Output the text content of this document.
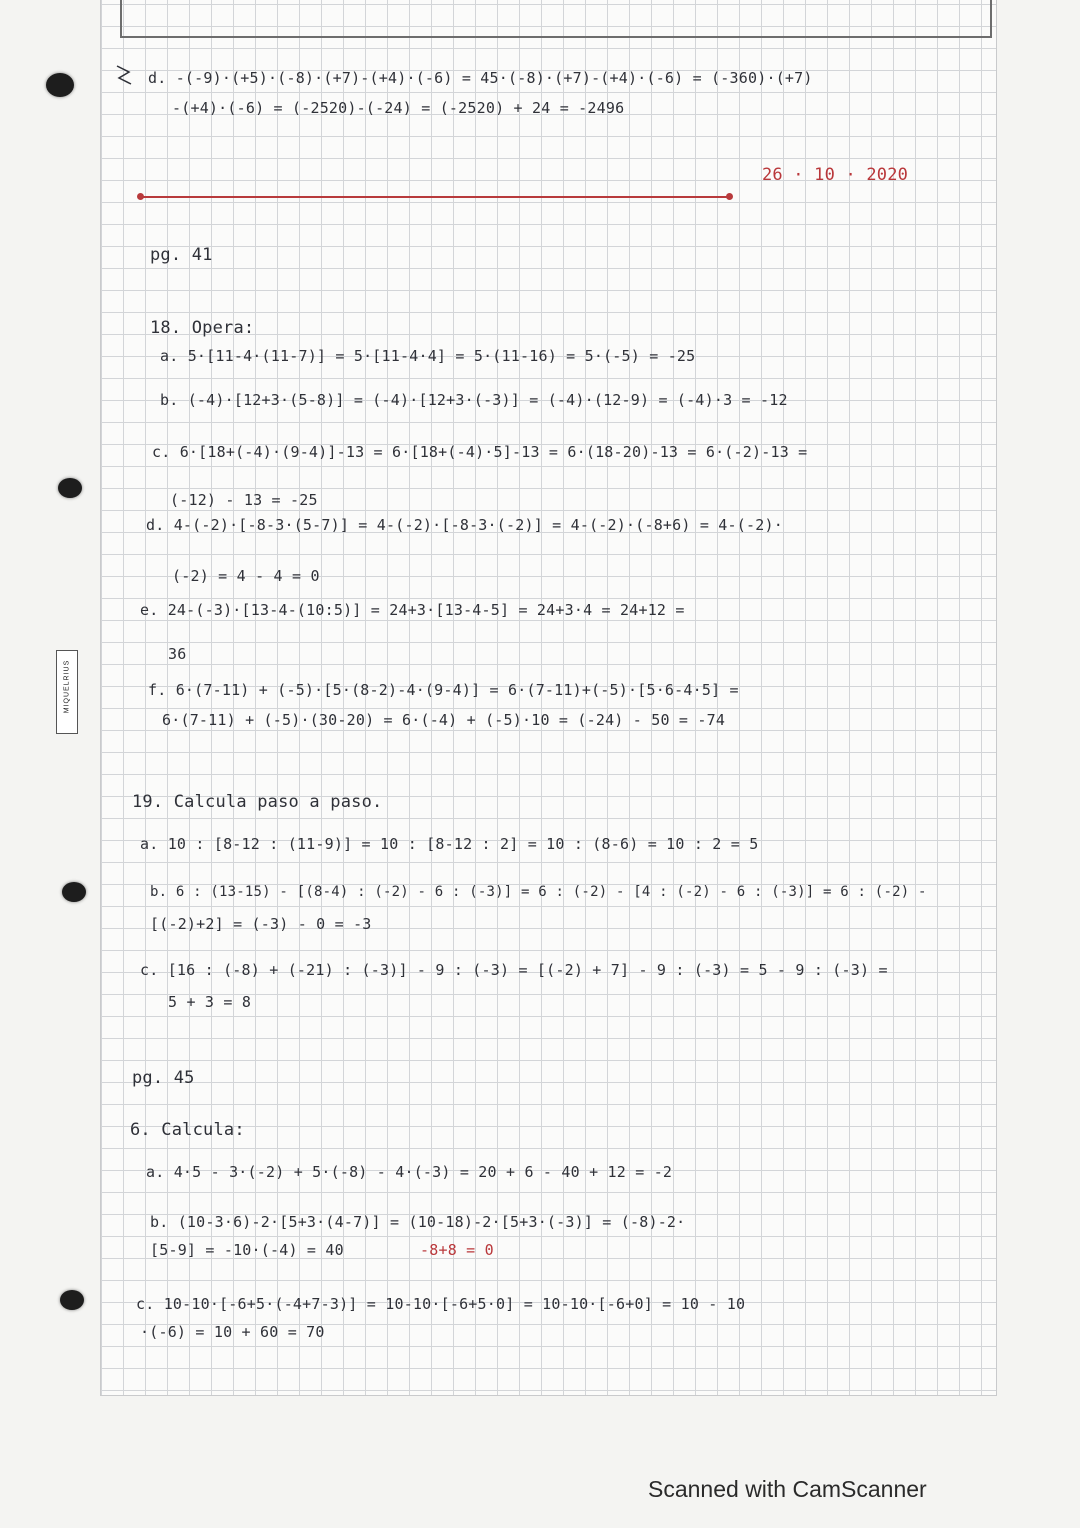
MIQUELRIUS
d. -(-9)·(+5)·(-8)·(+7)-(+4)·(-6) = 45·(-8)·(+7)-(+4)·(-6) = (-360)·(+7)
-(+4)·(-6) = (-2520)-(-24) = (-2520) + 24 = -2496
26 · 10 · 2020
pg. 41
18. Opera:
a. 5·[11-4·(11-7)] = 5·[11-4·4] = 5·(11-16) = 5·(-5) = -25
b. (-4)·[12+3·(5-8)] = (-4)·[12+3·(-3)] = (-4)·(12-9) = (-4)·3 = -12
c. 6·[18+(-4)·(9-4)]-13 = 6·[18+(-4)·5]-13 = 6·(18-20)-13 = 6·(-2)-13 =
(-12) - 13 = -25
d. 4-(-2)·[-8-3·(5-7)] = 4-(-2)·[-8-3·(-2)] = 4-(-2)·(-8+6) = 4-(-2)·
(-2) = 4 - 4 = 0
e. 24-(-3)·[13-4-(10:5)] = 24+3·[13-4-5] = 24+3·4 = 24+12 =
36
f. 6·(7-11) + (-5)·[5·(8-2)-4·(9-4)] = 6·(7-11)+(-5)·[5·6-4·5] =
6·(7-11) + (-5)·(30-20) = 6·(-4) + (-5)·10 = (-24) - 50 = -74
19. Calcula paso a paso.
a. 10 : [8-12 : (11-9)] = 10 : [8-12 : 2] = 10 : (8-6) = 10 : 2 = 5
b. 6 : (13-15) - [(8-4) : (-2) - 6 : (-3)] = 6 : (-2) - [4 : (-2) - 6 : (-3)] = 6 : (-2) -
[(-2)+2] = (-3) - 0 = -3
c. [16 : (-8) + (-21) : (-3)] - 9 : (-3) = [(-2) + 7] - 9 : (-3) = 5 - 9 : (-3) =
5 + 3 = 8
pg. 45
6. Calcula:
a. 4·5 - 3·(-2) + 5·(-8) - 4·(-3) = 20 + 6 - 40 + 12 = -2
b. (10-3·6)-2·[5+3·(4-7)] = (10-18)-2·[5+3·(-3)] = (-8)-2·
[5-9] = -10·(-4) = 40	-8+8 = 0
c. 10-10·[-6+5·(-4+7-3)] = 10-10·[-6+5·0] = 10-10·[-6+0] = 10 - 10
·(-6) = 10 + 60 = 70
Scanned with CamScanner
